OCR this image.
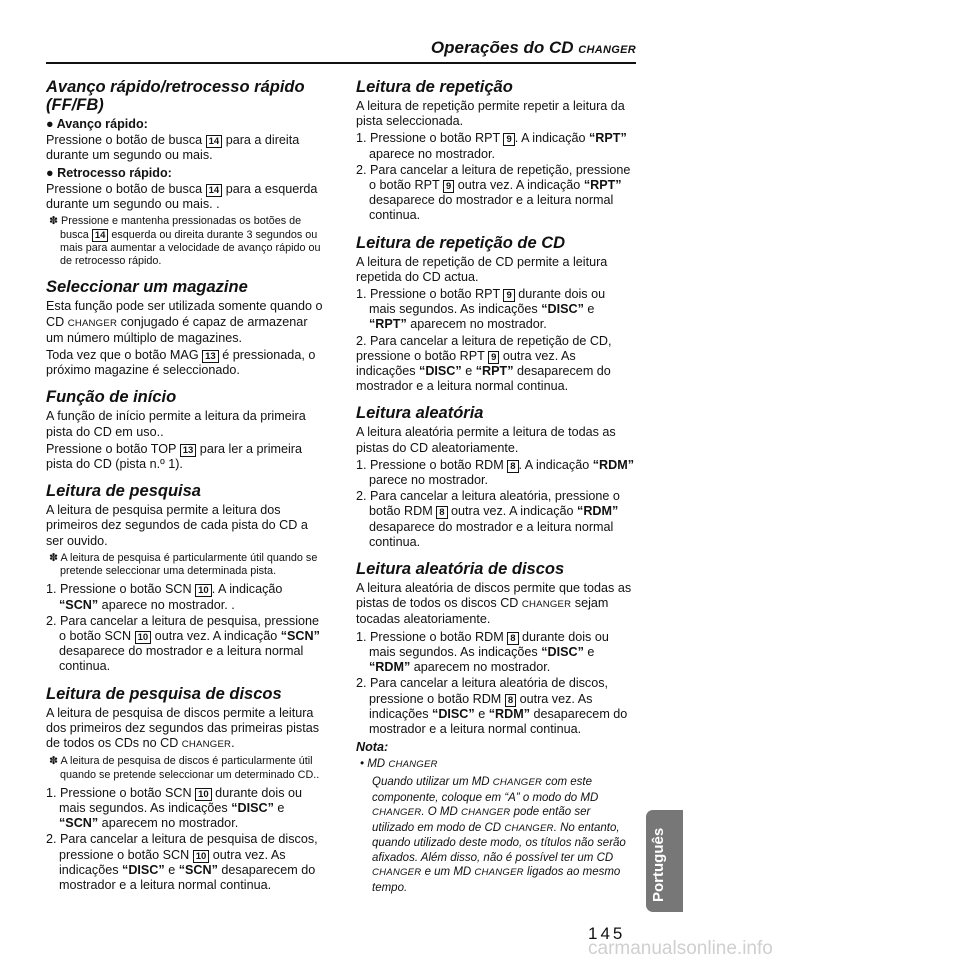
Operações do CD CHANGER
Avanço rápido/retrocesso rápido (FF/FB)

● Avanço rápido:

Pressione o botão de busca 14 para a direita durante um segundo ou mais.

● Retrocesso rápido:

Pressione o botão de busca 14 para a esquerda durante um segundo ou mais. .

✽ Pressione e mantenha pressionadas os botões de busca 14 esquerda ou direita durante 3 segundos ou mais para aumentar a velocidade de avanço rápido ou de retrocesso rápido.

Seleccionar um magazine

Esta função pode ser utilizada somente quando o CD CHANGER conjugado é capaz de armazenar um número múltiplo de magazines.

Toda vez que o botão MAG 13 é pressionada, o próximo magazine é seleccionado.

Função de início

A função de início permite a leitura da primeira pista do CD em uso..

Pressione o botão TOP 13 para ler a primeira pista do CD (pista n.º 1).

Leitura de pesquisa

A leitura de pesquisa permite a leitura dos primeiros dez segundos de cada pista do CD a ser ouvido.

✽ A leitura de pesquisa é particularmente útil quando se pretende seleccionar uma determinada pista.

1. Pressione o botão SCN 10 . A indicação “SCN” aparece no mostrador. .

2. Para cancelar a leitura de pesquisa, pressione o botão SCN 10 outra vez. A indicação “SCN” desaparece do mostrador e a leitura normal continua.

Leitura de pesquisa de discos

A leitura de pesquisa de discos permite a leitura dos primeiros dez segundos das primeiras pistas de todos os CDs no CD CHANGER.

✽ A leitura de pesquisa de discos é particularmente útil quando se pretende seleccionar um determinado CD..

1. Pressione o botão SCN 10 durante dois ou mais segundos. As indicações “DISC” e “SCN” aparecem no mostrador.

2. Para cancelar a leitura de pesquisa de discos, pressione o botão SCN 10 outra vez. As indicações “DISC” e “SCN” desaparecem do mostrador e a leitura normal continua.

Leitura de repetição

A leitura de repetição permite repetir a leitura da pista seleccionada.

1. Pressione o botão RPT 9 . A indicação “RPT” aparece no mostrador.

2. Para cancelar a leitura de repetição, pressione o botão RPT 9 outra vez. A indicação “RPT” desaparece do mostrador e a leitura normal continua.

Leitura de repetição de CD

A leitura de repetição de CD permite a leitura repetida do CD actua.

1. Pressione o botão RPT 9 durante dois ou mais segundos. As indicações “DISC” e “RPT” aparecem no mostrador.

2. Para cancelar a leitura de repetição de CD, pressione o botão RPT 9 outra vez. As indicações “DISC” e “RPT” desaparecem do mostrador e a leitura normal continua.

Leitura aleatória

A leitura aleatória permite a leitura de todas as pistas do CD aleatoriamente.

1. Pressione o botão RDM 8 . A indicação “RDM” parece no mostrador.

2. Para cancelar a leitura aleatória, pressione o botão RDM 8 outra vez. A indicação “RDM” desaparece do mostrador e a leitura normal continua.

Leitura aleatória de discos

A leitura aleatória de discos permite que todas as pistas de todos os discos CD CHANGER sejam tocadas aleatoriamente.

1. Pressione o botão RDM 8 durante dois ou mais segundos. As indicações “DISC” e “RDM” aparecem no mostrador.

2. Para cancelar a leitura aleatória de discos, pressione o botão RDM 8 outra vez. As indicações “DISC” e “RDM” desaparecem do mostrador e a leitura normal continua.

Nota:

• MD CHANGER

Quando utilizar um MD CHANGER com este componente, coloque em “A” o modo do MD CHANGER. O MD CHANGER pode então ser utilizado em modo de CD CHANGER. No entanto, quando utilizado deste modo, os títulos não serão afixados. Além disso, não é possível ter um CD CHANGER e um MD CHANGER ligados ao mesmo tempo.	Português
145
carmanualsonline.info
